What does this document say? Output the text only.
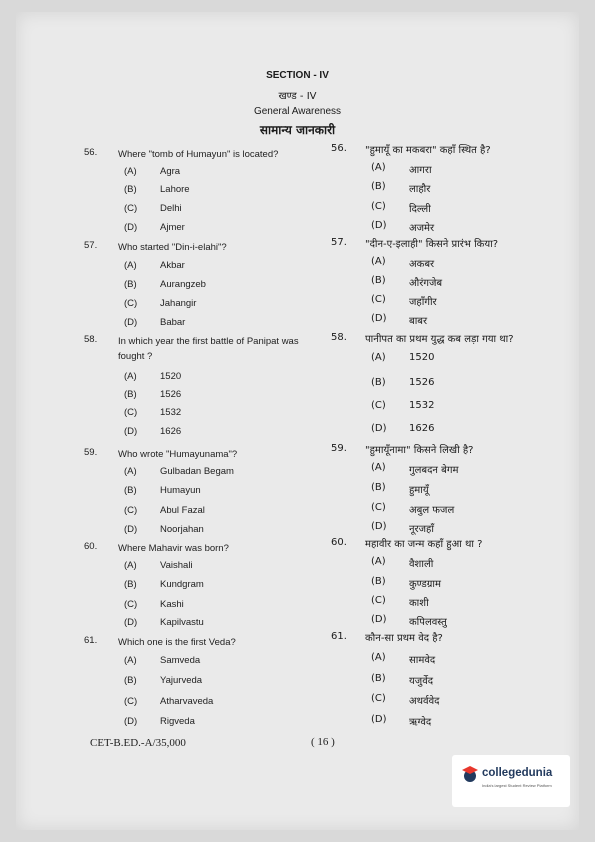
SECTION - IV
खण्ड - IV
General Awareness
सामान्य जानकारी
56.	Where "tomb of Humayun" is located?
(A)	Agra
(B)	Lahore
(C)	Delhi
(D)	Ajmer
57.	Who started "Din-i-elahi"?
(A)	Akbar
(B)	Aurangzeb
(C)	Jahangir
(D)	Babar
58.	In which year the first battle of Panipat was fought ?
(A)	1520
(B)	1526
(C)	1532
(D)	1626
59.	Who wrote "Humayunama"?
(A)	Gulbadan Begam
(B)	Humayun
(C)	Abul Fazal
(D)	Noorjahan
60.	Where Mahavir was born?
(A)	Vaishali
(B)	Kundgram
(C)	Kashi
(D)	Kapilvastu
61.	Which one is the first Veda?
(A)	Samveda
(B)	Yajurveda
(C)	Atharvaveda
(D)	Rigveda
56.	"हुमायूँ का मकबरा" कहाँ स्थित है?
(A)	आगरा
(B)	लाहौर
(C)	दिल्ली
(D)	अजमेर
57.	"दीन-ए-इलाही" किसने प्रारंभ किया?
(A)	अकबर
(B)	औरंगजेब
(C)	जहाँगीर
(D)	बाबर
58.	पानीपत का प्रथम युद्ध कब लड़ा गया था?
(A)	1520
(B)	1526
(C)	1532
(D)	1626
59.	"हुमायूँनामा" किसने लिखी है?
(A)	गुलबदन बेगम
(B)	हुमायूँ
(C)	अबुल फजल
(D)	नूरजहाँ
60.	महावीर का जन्म कहाँ हुआ था ?
(A)	वैशाली
(B)	कुण्डग्राम
(C)	काशी
(D)	कपिलवस्तु
61.	कौन-सा प्रथम वेद है?
(A)	सामवेद
(B)	यजुर्वेद
(C)	अथर्ववेद
(D)	ऋग्वेद
CET-B.ED.-A/35,000	( 16 )
collegedunia
India's largest Student Review Platform
